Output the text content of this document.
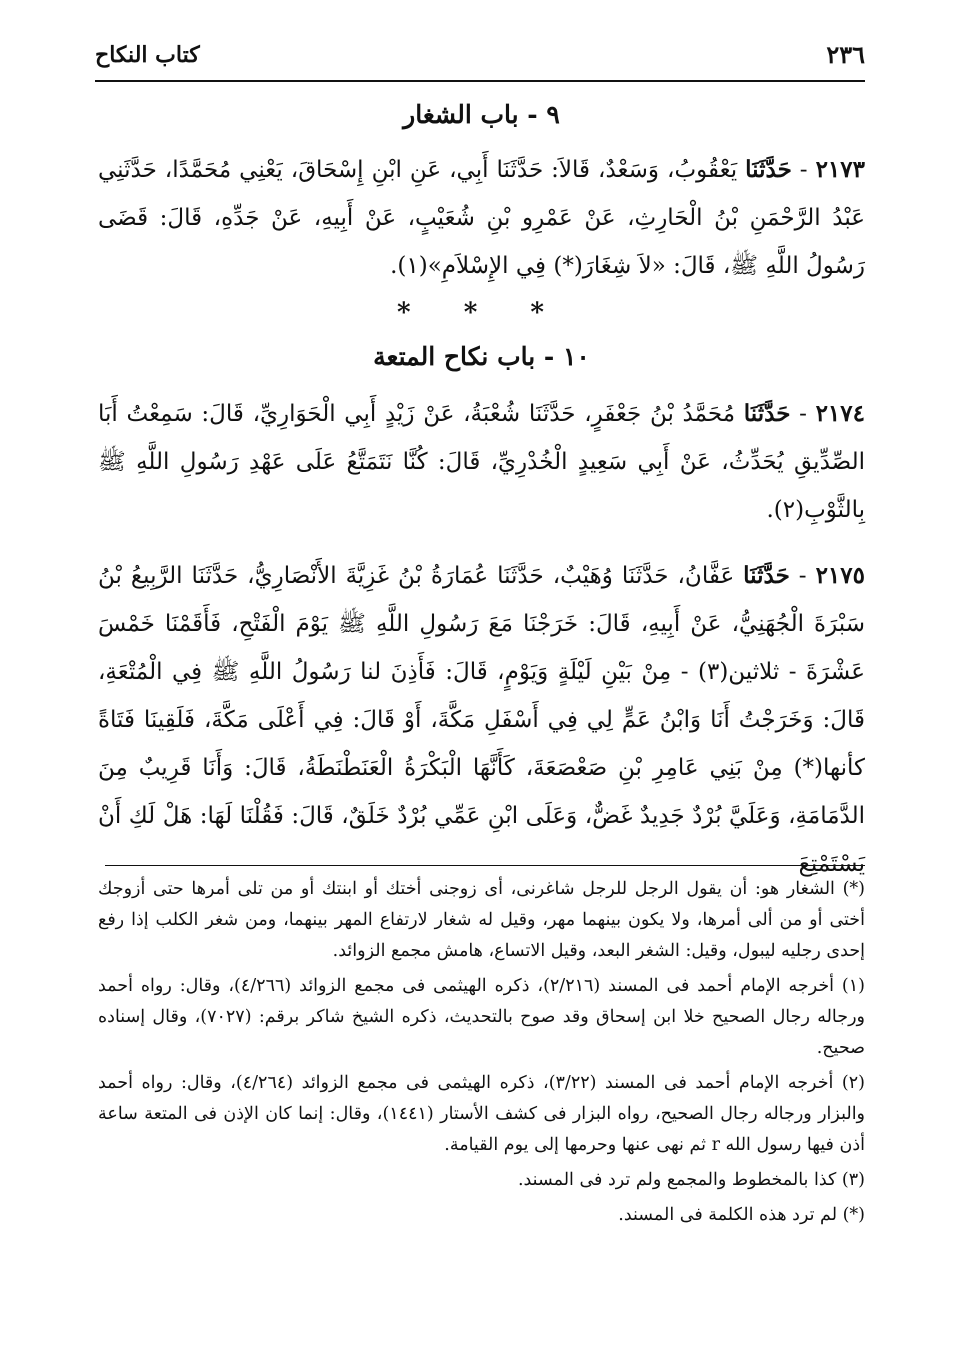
٢٣٦
كتاب النكاح
٩ - باب الشغار

٢١٧٣ - حَدَّثَنَا يَعْقُوبُ، وَسَعْدٌ، قَالاَ: حَدَّثَنَا أَبِي، عَنِ ابْنِ إِسْحَاقَ، يَعْنِي مُحَمَّدًا، حَدَّثَنِي عَبْدُ الرَّحْمَنِ بْنُ الْحَارِثِ، عَنْ عَمْرِو بْنِ شُعَيْبٍ، عَنْ أَبِيهِ، عَنْ جَدِّهِ، قَالَ: قَضَى رَسُولُ اللَّهِ ﷺ، قَالَ: «لاَ شِغَارَ(*) فِي الإِسْلاَمِ»(١).

* * *

١٠ - باب نكاح المتعة

٢١٧٤ - حَدَّثَنَا مُحَمَّدُ بْنُ جَعْفَرٍ، حَدَّثَنَا شُعْبَةُ، عَنْ زَيْدٍ أَبِي الْحَوَارِيِّ، قَالَ: سَمِعْتُ أَبَا الصِّدِّيقِ يُحَدِّثُ، عَنْ أَبِي سَعِيدٍ الْخُدْرِيِّ، قَالَ: كُنَّا نَتَمَتَّعُ عَلَى عَهْدِ رَسُولِ اللَّهِ ﷺ بِالثَّوْبِ(٢).

٢١٧٥ - حَدَّثَنَا عَفَّانُ، حَدَّثَنَا وُهَيْبٌ، حَدَّثَنَا عُمَارَةُ بْنُ غَزِيَّةَ الأَنْصَارِيُّ، حَدَّثَنَا الرَّبِيعُ بْنُ سَبْرَةَ الْجُهَنِيُّ، عَنْ أَبِيهِ، قَالَ: خَرَجْنَا مَعَ رَسُولِ اللَّهِ ﷺ يَوْمَ الْفَتْحِ، فَأَقَمْنَا خَمْسَ عَشْرَةَ - ثلاثين(٣) - مِنْ بَيْنِ لَيْلَةٍ وَيَوْمٍ، قَالَ: فَأَذِنَ لنا رَسُولُ اللَّهِ ﷺ فِي الْمُتْعَةِ، قَالَ: وَخَرَجْتُ أَنَا وَابْنُ عَمٍّ لِي فِي أَسْفَلِ مَكَّةَ، أَوْ قَالَ: فِي أَعْلَى مَكَّةَ، فَلَقِينَا فَتَاةً كأنها(*) مِنْ بَنِي عَامِرِ بْنِ صَعْصَعَةَ، كَأَنَّهَا الْبَكْرَةُ الْعَنَطْنَطَةُ، قَالَ: وَأَنَا قَرِيبٌ مِنَ الدَّمَامَةِ، وَعَلَيَّ بُرْدٌ جَدِيدٌ غَضٌّ، وَعَلَى ابْنِ عَمِّي بُرْدٌ خَلَقٌ، قَالَ: فَقُلْنَا لَهَا: هَلْ لَكِ أَنْ يَسْتَمْتِعَ

(*) الشغار هو: أن يقول الرجل للرجل شاغرنى، أى زوجنى أختك أو ابنتك أو من تلى أمرها حتى أزوجك أختى أو من ألى أمرها، ولا يكون بينهما مهر، وقيل له شغار لارتفاع المهر بينهما، ومن شغر الكلب إذا رفع إحدى رجليه ليبول، وقيل: الشغر البعد، وقيل الاتساع، هامش مجمع الزوائد.

(١) أخرجه الإمام أحمد فى المسند (٢/٢١٦)، ذكره الهيثمى فى مجمع الزوائد (٤/٢٦٦)، وقال: رواه أحمد ورجاله رجال الصحيح خلا ابن إسحاق وقد صوح بالتحديث، ذكره الشيخ شاكر برقم: (٧٠٢٧)، وقال إسناده صحيح.

(٢) أخرجه الإمام أحمد فى المسند (٣/٢٢)، ذكره الهيثمى فى مجمع الزوائد (٤/٢٦٤)، وقال: رواه أحمد والبزار ورجاله رجال الصحيح، رواه البزار فى كشف الأستار (١٤٤١)، وقال: إنما كان الإذن فى المتعة ساعة أذن فيها رسول الله r ثم نهى عنها وحرمها إلى يوم القيامة.

(٣) كذا بالمخطوط والمجمع ولم ترد فى المسند.

(*) لم ترد هذه الكلمة فى المسند.
